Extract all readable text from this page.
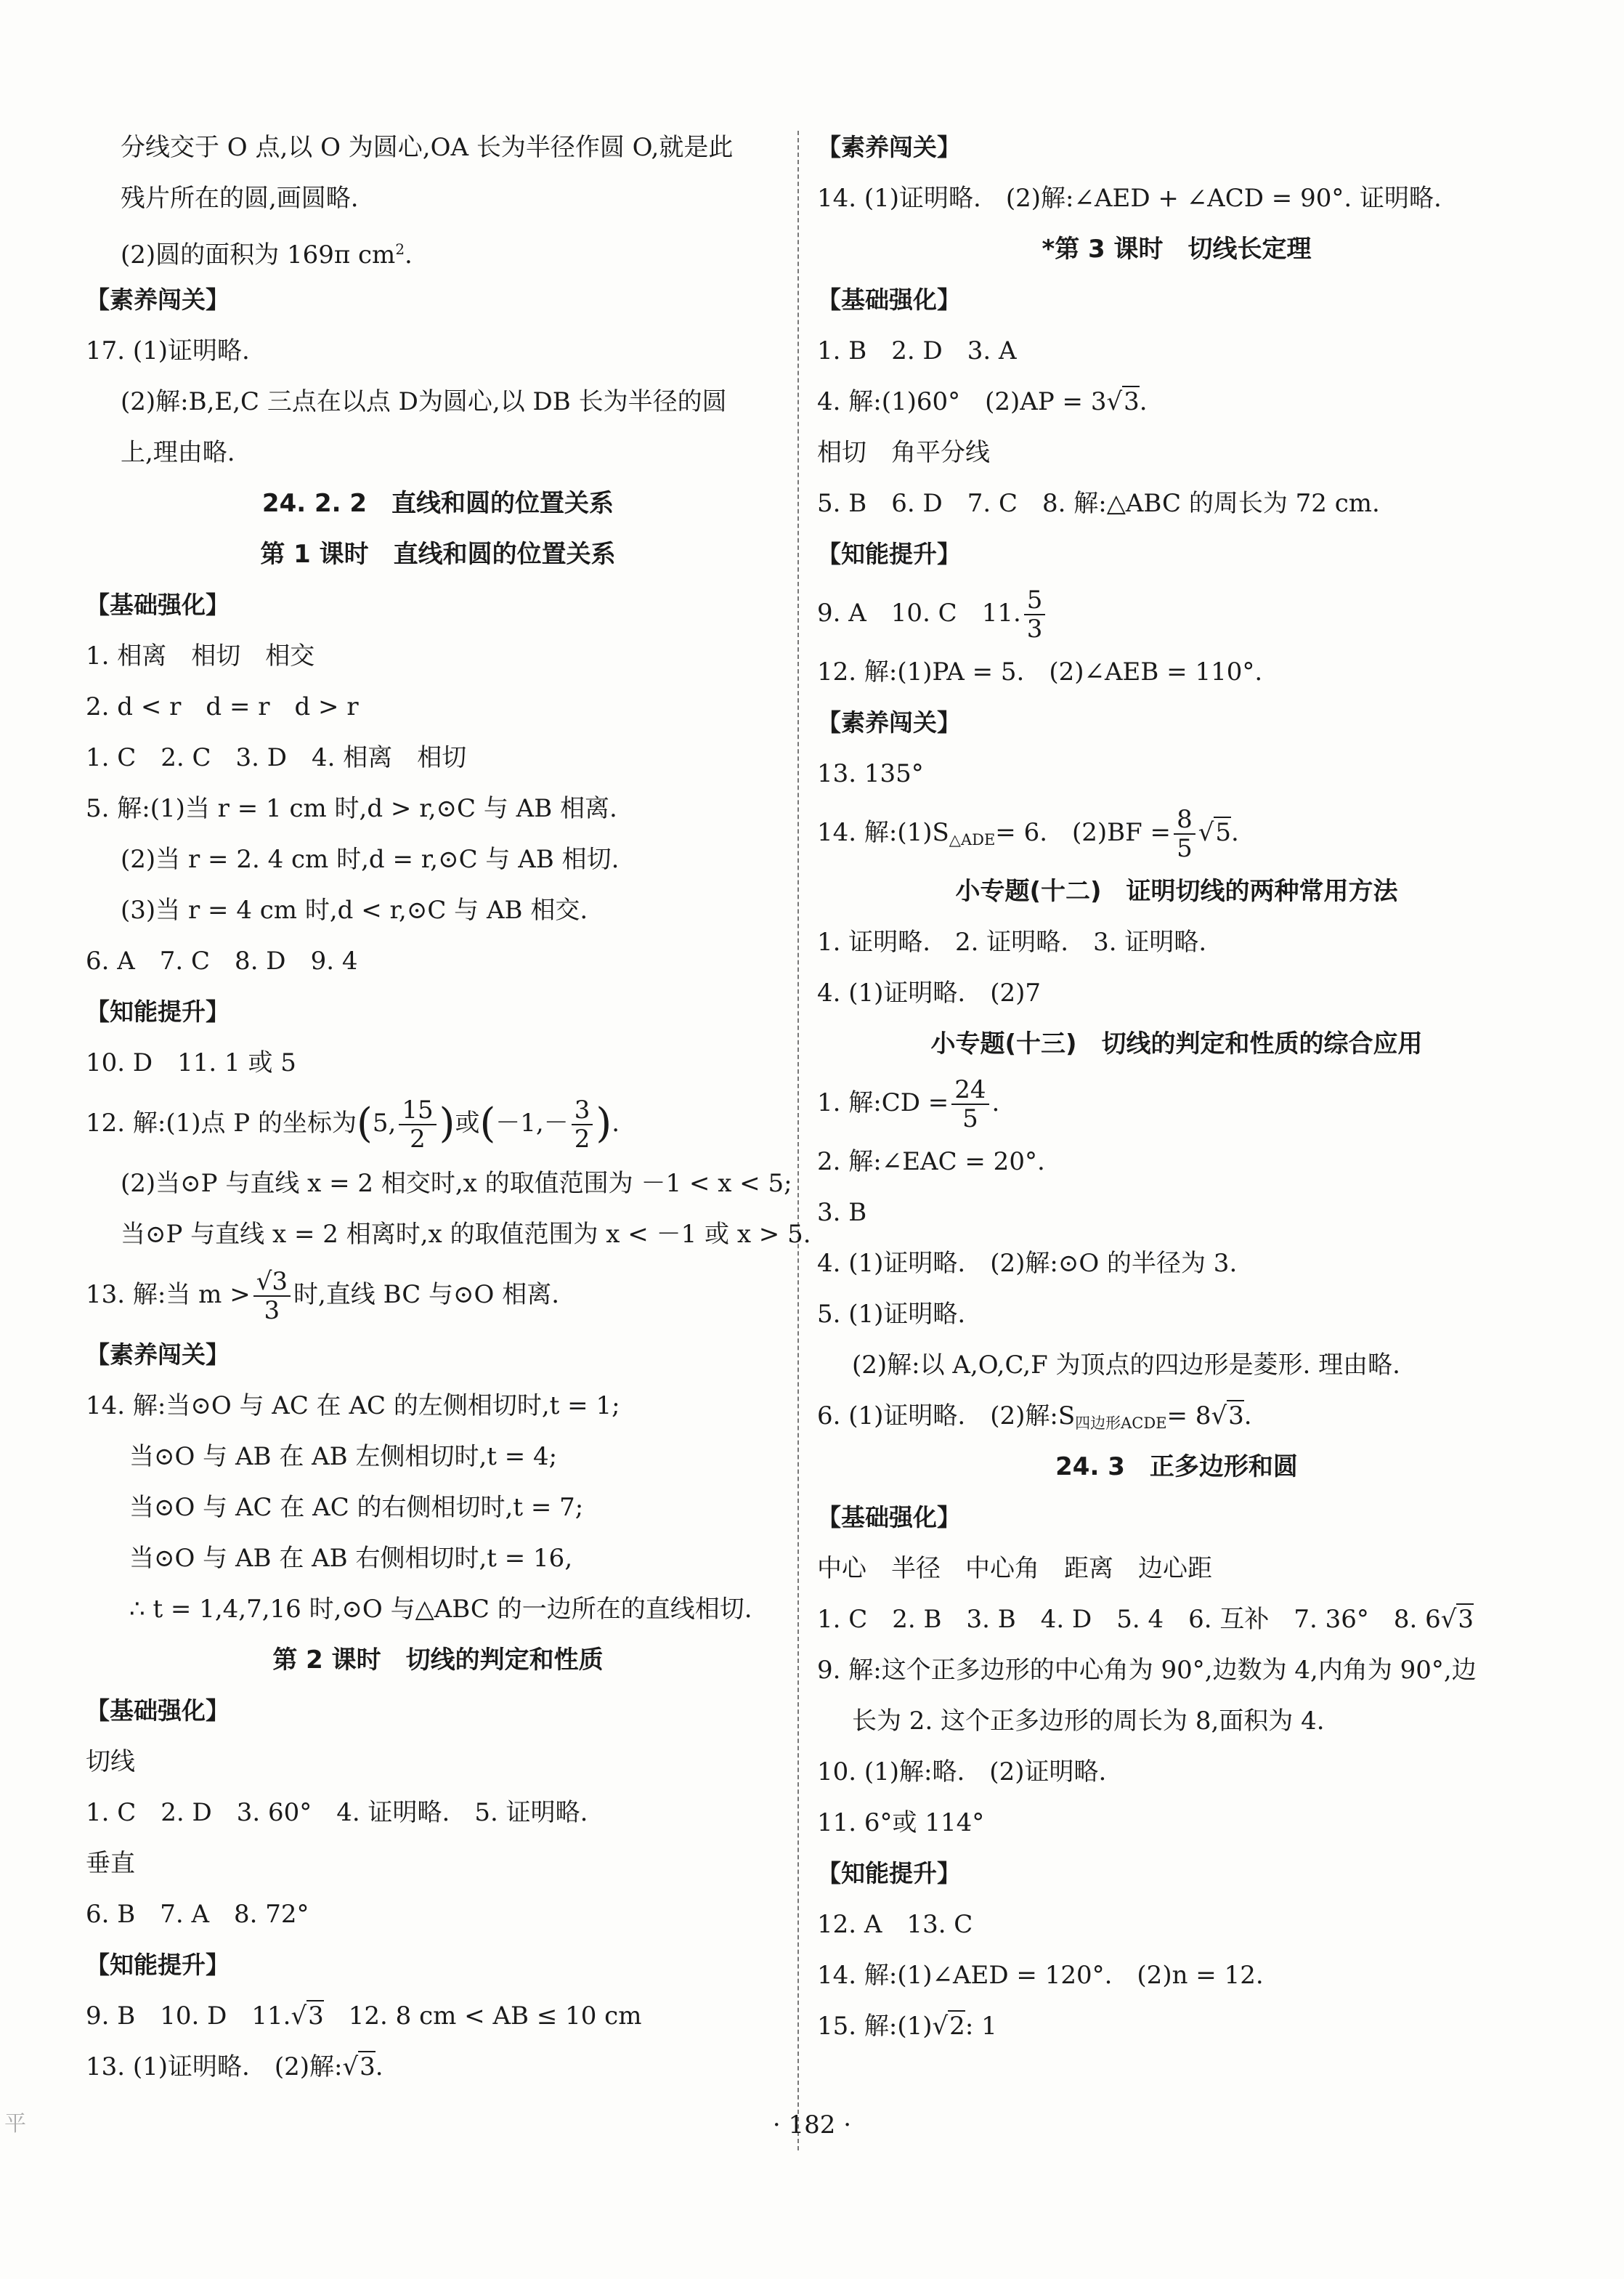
分线交于 O 点,以 O 为圆心,OA 长为半径作圆 O,就是此
残片所在的圆,画圆略.
(2)圆的面积为 169π $cm^2$.
【素养闯关】
17. (1)证明略.
(2)解:B,E,C 三点在以点 D为圆心,以 DB 长为半径的圆
上,理由略.
24. 2. 2　直线和圆的位置关系
第 1 课时　直线和圆的位置关系
【基础强化】
1. 相离　相切　相交
2. d < r　d = r　d > r
1. C　2. C　3. D　4. 相离　相切
5. 解:(1)当 r = 1 cm 时,d > r,⊙C 与 AB 相离.
(2)当 r = 2. 4 cm 时,d = r,⊙C 与 AB 相切.
(3)当 r = 4 cm 时,d < r,⊙C 与 AB 相交.
6. A　7. C　8. D　9. 4
【知能提升】
10. D　11. 1 或 5
12. 解:(1)点 P 的坐标为(5, $\frac{15}{2}$ )或($-1,- \frac{3}{2}$ ).
(2)当⊙P 与直线 x = 2 相交时,x 的取值范围为 －1 < x < 5;
当⊙P 与直线 x = 2 相离时,x 的取值范围为 x < －1 或 x > 5.
13. 解:当 $m > \frac{√3}{3}$ 时,直线 BC 与⊙O 相离.
【素养闯关】
14. 解:当⊙O 与 AC 在 AC 的左侧相切时,t = 1;
当⊙O 与 AB 在 AB 左侧相切时,t = 4;
当⊙O 与 AC 在 AC 的右侧相切时,t = 7;
当⊙O 与 AB 在 AB 右侧相切时,t = 16,
∴ t = 1,4,7,16 时,⊙O 与△ABC 的一边所在的直线相切.
第 2 课时　切线的判定和性质
【基础强化】
切线
1. C　2. D　3. 60°　4. 证明略.　5. 证明略.
垂直
6. B　7. A　8. 72°
【知能提升】
9. B　10. D　11.√3　12. 8 cm < AB ≤ 10 cm
13. (1)证明略.　(2)解:√3.
【素养闯关】
14. (1)证明略.　(2)解:∠AED + ∠ACD = 90°. 证明略.
*第 3 课时　切线长定理
【基础强化】
1. B　2. D　3. A
4. 解:(1)60°　(2)AP = 3√3.
相切　角平分线
5. B　6. D　7. C　8. 解:△ABC 的周长为 72 cm.
【知能提升】
9. A　10. C　11. $\frac{5}{3}$
12. 解:(1)PA = 5.　(2)∠AEB = 110°.
【素养闯关】
13. 135°
14. 解$:(1)S_{\triangle ADE}= 6$.　$(2)BF = \frac{8}{5} √5$.
小专题(十二)　证明切线的两种常用方法
1. 证明略.　2. 证明略.　3. 证明略.
4. (1)证明略.　(2)7
小专题(十三)　切线的判定和性质的综合应用
1. 解:CD = $\frac{24}{5}$ .
2. 解:∠EAC = 20°.
3. B
4. (1)证明略.　(2)解:⊙O 的半径为 3.
5. (1)证明略.
(2)解:以 A,O,C,F 为顶点的四边形是菱形. 理由略.
6. (1)证明略.　(2)解$:S_{四边形ACDE}= 8√3$.
24. 3　正多边形和圆
【基础强化】
中心　半径　中心角　距离　边心距
1. C　2. B　3. B　4. D　5. 4　6. 互补　7. 36°　8. 6√3
9. 解:这个正多边形的中心角为 90°,边数为 4,内角为 90°,边
长为 2. 这个正多边形的周长为 8,面积为 4.
10. (1)解:略.　(2)证明略.
11. 6°或 114°
【知能提升】
12. A　13. C
14. 解:(1)∠AED = 120°.　(2)n = 12.
15. 解:(1)√2: 1
· 182 ·
平
